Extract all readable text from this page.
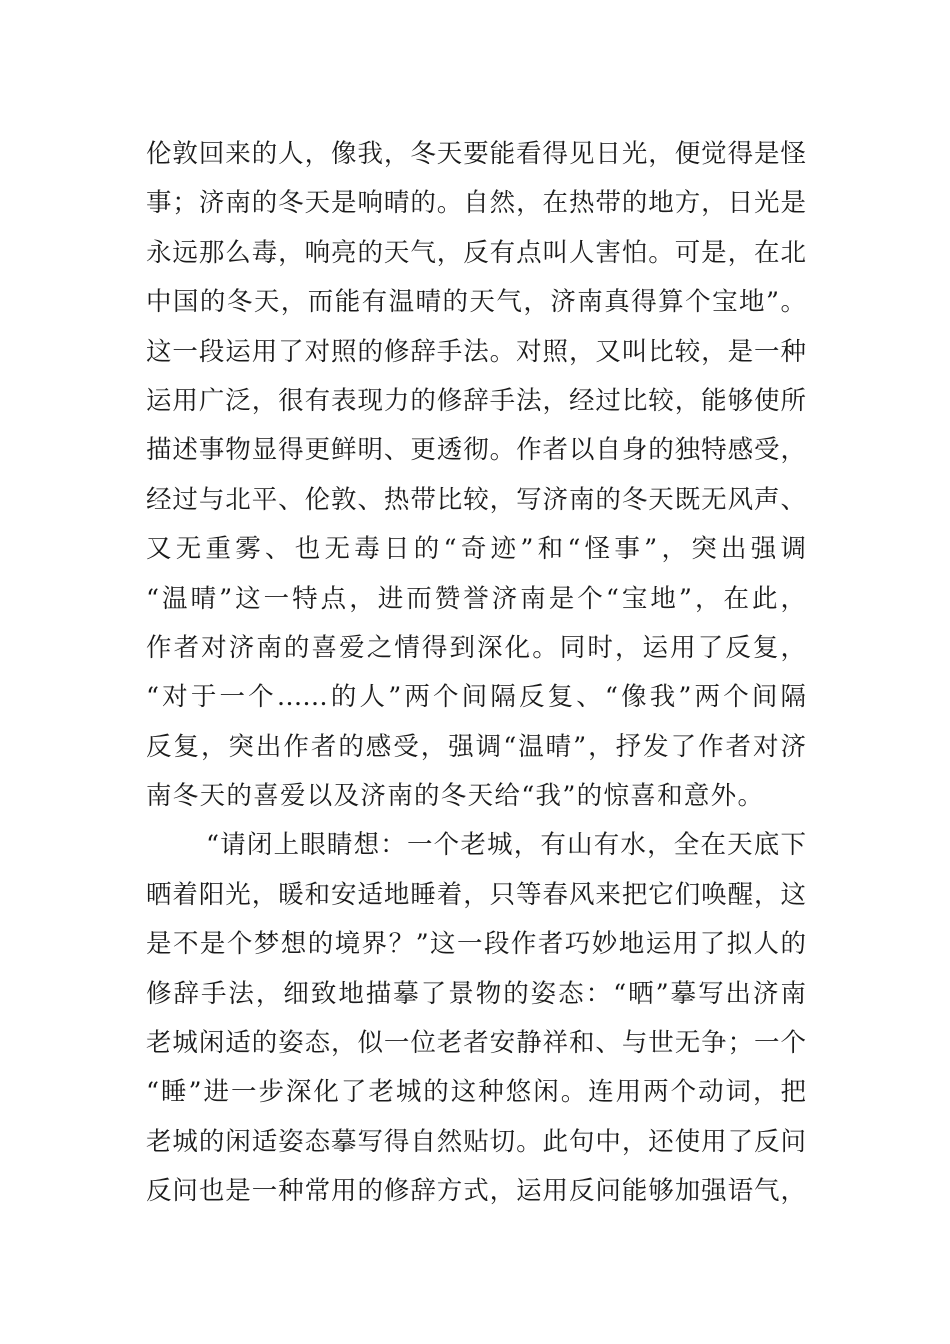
伦敦回来的人，像我，冬天要能看得见日光，便觉得是怪
事；济南的冬天是响晴的。自然，在热带的地方，日光是
永远那么毒，响亮的天气，反有点叫人害怕。可是，在北
中国的冬天，而能有温晴的天气，济南真得算个宝地”。
这一段运用了对照的修辞手法。对照，又叫比较，是一种
运用广泛，很有表现力的修辞手法，经过比较，能够使所
描述事物显得更鲜明、更透彻。作者以自身的独特感受，
经过与北平、伦敦、热带比较，写济南的冬天既无风声、
又无重雾、也无毒日的“奇迹”和“怪事”，突出强调
“温晴”这一特点，进而赞誉济南是个“宝地”，在此，
作者对济南的喜爱之情得到深化。同时，运用了反复，
“对于一个……的人”两个间隔反复、“像我”两个间隔
反复，突出作者的感受，强调“温晴”，抒发了作者对济
南冬天的喜爱以及济南的冬天给“我”的惊喜和意外。
“请闭上眼睛想：一个老城，有山有水，全在天底下
晒着阳光，暖和安适地睡着，只等春风来把它们唤醒，这
是不是个梦想的境界？”这一段作者巧妙地运用了拟人的
修辞手法，细致地描摹了景物的姿态：“晒”摹写出济南
老城闲适的姿态，似一位老者安静祥和、与世无争；一个
“睡”进一步深化了老城的这种悠闲。连用两个动词，把
老城的闲适姿态摹写得自然贴切。此句中，还使用了反问
反问也是一种常用的修辞方式，运用反问能够加强语气，
